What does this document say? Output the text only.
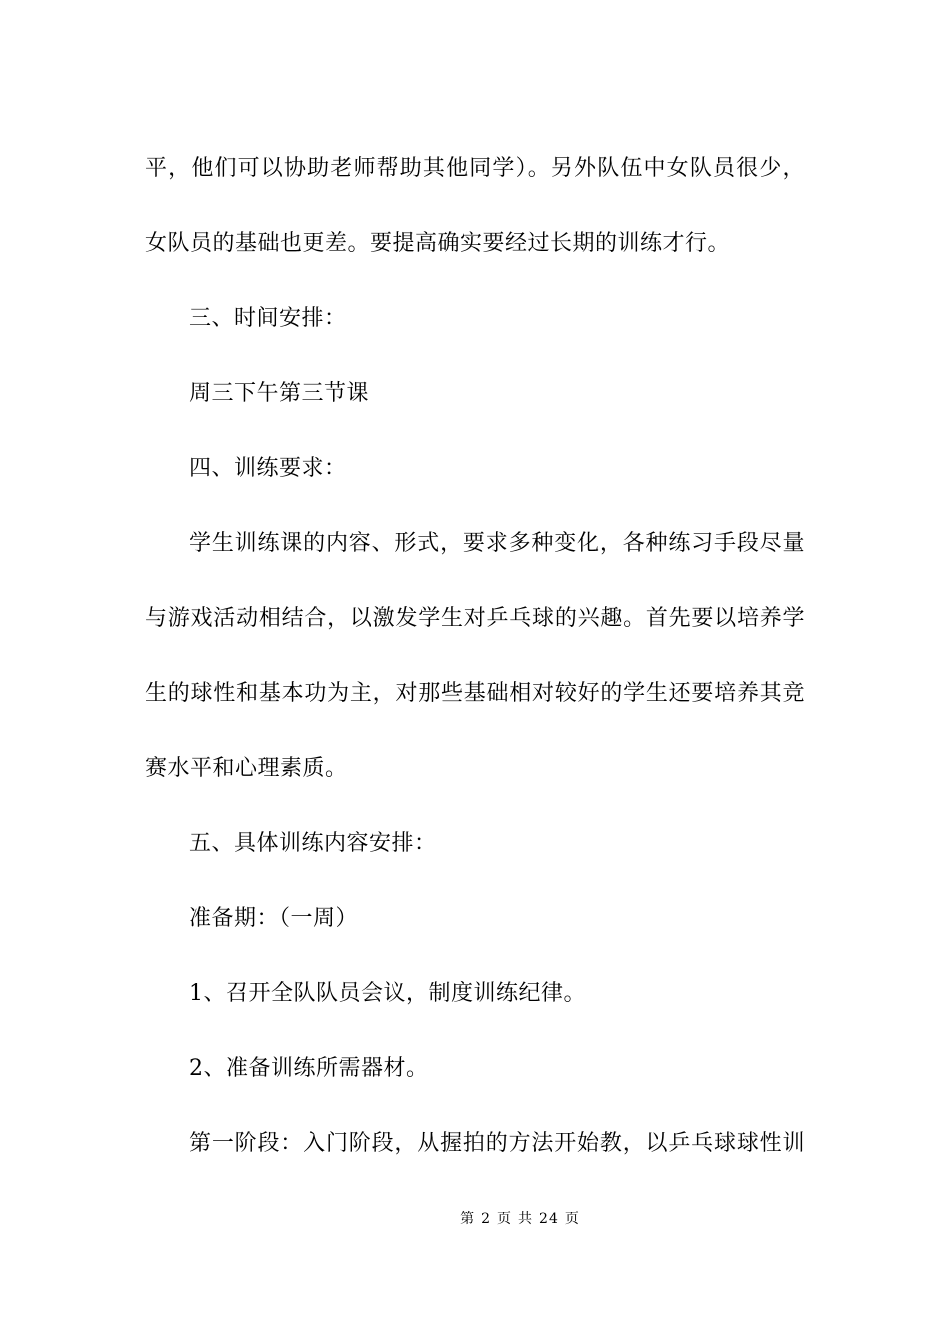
平，他们可以协助老师帮助其他同学）。另外队伍中女队员很少，
女队员的基础也更差。要提高确实要经过长期的训练才行。
三、时间安排：
周三下午第三节课
四、训练要求：
学生训练课的内容、形式，要求多种变化，各种练习手段尽量
与游戏活动相结合，以激发学生对乒乓球的兴趣。首先要以培养学
生的球性和基本功为主，对那些基础相对较好的学生还要培养其竞
赛水平和心理素质。
五、具体训练内容安排：
准备期：（一周）
1、召开全队队员会议，制度训练纪律。
2、准备训练所需器材。
第一阶段：入门阶段，从握拍的方法开始教，以乒乓球球性训
第 2 页 共 24 页
